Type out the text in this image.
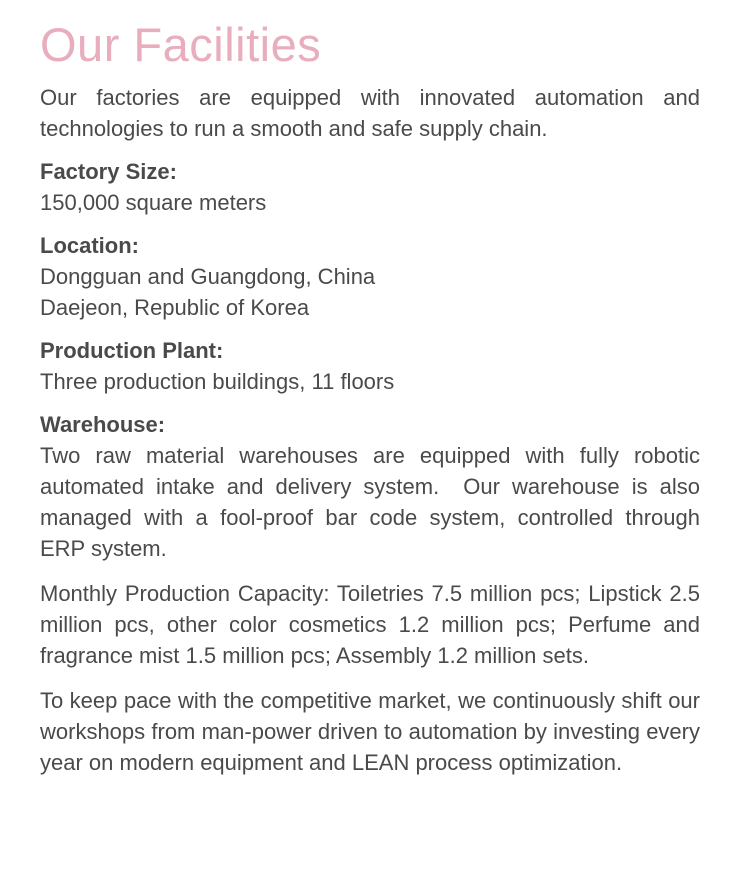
Our Facilities

Our factories are equipped with innovated automation and technologies to run a smooth and safe supply chain.

Factory Size:

150,000 square meters

Location:

Dongguan and Guangdong, China

Daejeon, Republic of Korea

Production Plant:

Three production buildings, 11 floors

Warehouse:

Two raw material warehouses are equipped with fully robotic automated intake and delivery system.  Our warehouse is also managed with a fool-proof bar code system, controlled through ERP system.

Monthly Production Capacity: Toiletries 7.5 million pcs; Lipstick 2.5 million pcs, other color cosmetics 1.2 million pcs; Perfume and fragrance mist 1.5 million pcs; Assembly 1.2 million sets.

To keep pace with the competitive market, we continuously shift our workshops from man-power driven to automation by investing every year on modern equipment and LEAN process optimization.
